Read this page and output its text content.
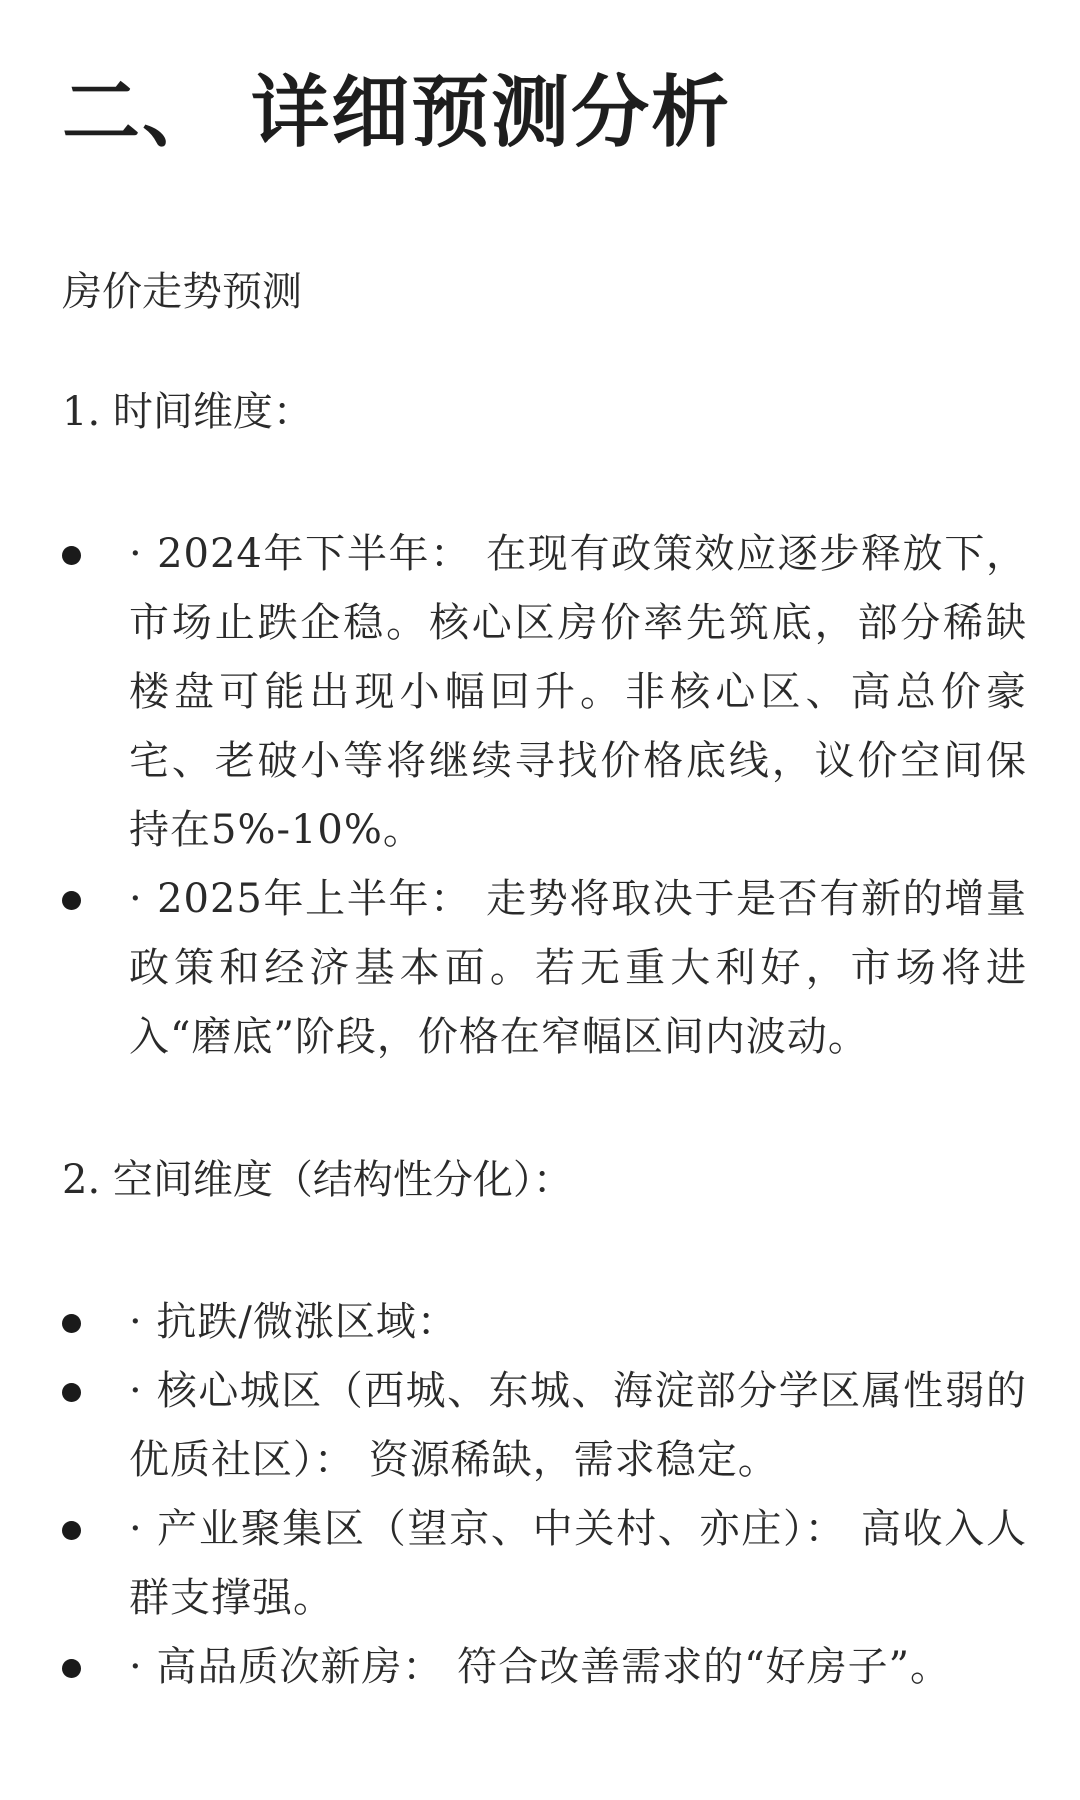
二、 详细预测分析

房价走势预测

1. 时间维度：

· 2024年下半年： 在现有政策效应逐步释放下，市场止跌企稳。核心区房价率先筑底，部分稀缺楼盘可能出现小幅回升。非核心区、高总价豪宅、老破小等将继续寻找价格底线，议价空间保持在5%-10%。
· 2025年上半年： 走势将取决于是否有新的增量政策和经济基本面。若无重大利好，市场将进入“磨底”阶段，价格在窄幅区间内波动。

2. 空间维度（结构性分化）：

· 抗跌/微涨区域：
· 核心城区（西城、东城、海淀部分学区属性弱的优质社区）： 资源稀缺，需求稳定。
· 产业聚集区（望京、中关村、亦庄）： 高收入人群支撑强。
· 高品质次新房： 符合改善需求的“好房子”。
